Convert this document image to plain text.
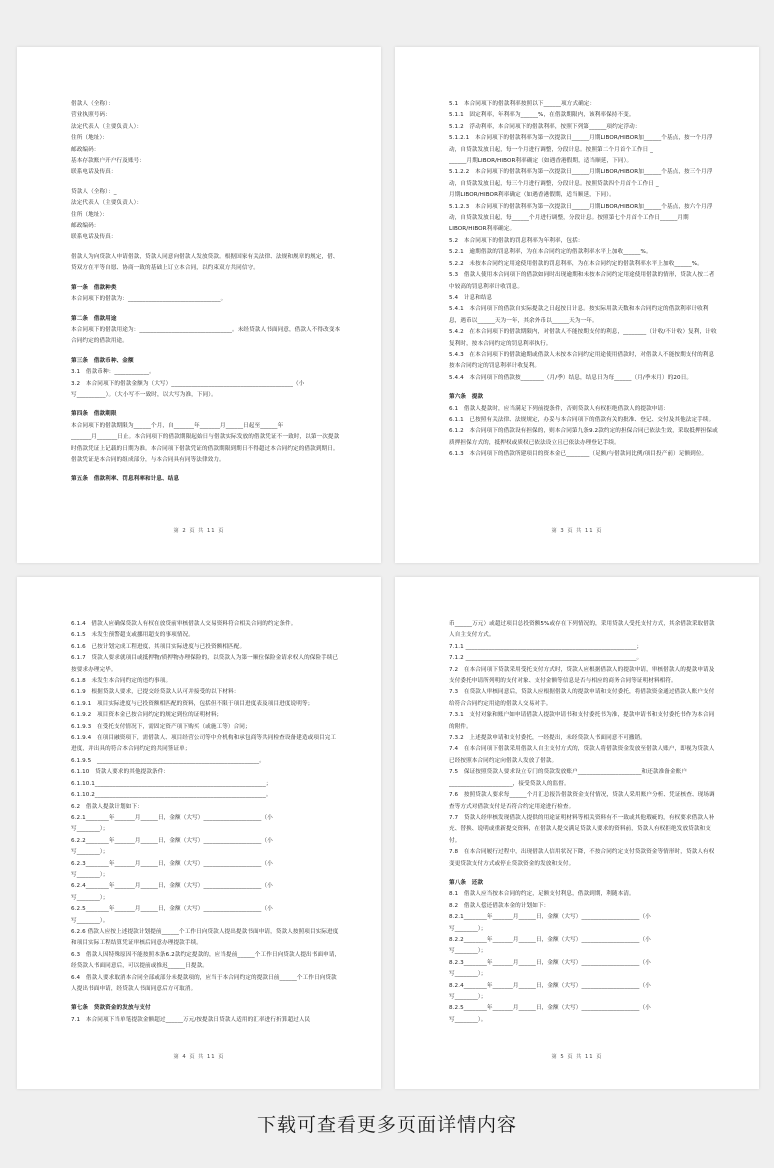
借款人（全称）：
营业执照号码：
法定代表人（主要负责人）：
住所（地址）：
邮政编码：
基本存款账户开户行及账号：
联系电话及传真：
贷款人（全称）：_
法定代表人（主要负责人）：
住所（地址）：
邮政编码：
联系电话及传真：
借款人为向贷款人申请借款，贷款人同意向借款人发放贷款。根据国家有关法律、法规和规章的规定，借、贷双方在平等自愿、协商一致的基础上订立本合同，以约束双方共同信守。
第一条　借款种类
本合同项下的借款为：________________________________。
第二条　借款用途
本合同项下的借款用途为：________________________________。未经贷款人书面同意，借款人不得改变本合同约定的借款用途。
第三条　借款币种、金额
3.1　借款币种：____________。
3.2　本合同项下的借款金额为（大写）__________________________________________（小
写__________）。（大小写不一致时，以大写为准，下同）。
第四条　借款期限
本合同项下的借款期限为______个月，自_______年_______月______日起至______年
_______月_______日止。本合同项下的借款期限起始日与借款实际发放的借款凭证不一致时，以第一次提款时借款凭证上记载的日期为准。本合同项下借款凭证的借款期限到期日不得超过本合同约定的借款到期日。借款凭证是本合同的组成部分，与本合同具有同等法律效力。
第五条　借款利率、罚息利率和计息、结息
第 2 页 共 11 页
5.1　本合同项下的借款利率按照以下______项方式确定：
5.1.1　固定利率，年利率为______%，在借款期限内，该利率保持不变。
5.1.2　浮动利率，本合同项下的借款利率，按照下列第______项约定浮动：
5.1.2.1　本合同项下的借款利率为第一次提款日______月期LIBOR/HIBOR加______个基点，按一个月浮动，自贷款发放日起，每一个月进行调整，分段计息。按照第二个月首个工作日 _
______月期LIBOR/HIBOR利率确定（如遇香港假期，适当顺延，下同）。
5.1.2.2　本合同项下的借款利率为第一次提款日______月期LIBOR/HIBOR加______个基点，按三个月浮动，自贷款发放日起，每三个月进行调整，分段计息。按照贷款四个月首个工作日 _
月期LIBOR/HIBOR利率确定（如遇香港假期，适当顺延，下同）。
5.1.2.3　本合同项下的借款利率为第一次提款日______月期LIBOR/HIBOR加______个基点，按六个月浮动，自贷款发放日起，每______个月进行调整，分段计息。按照第七个月首个工作日______月期LIBOR/HIBOR利率确定。
5.2　本合同项下的借款的罚息利率为年利率，包括：
5.2.1　逾期借款的罚息利率，为在本合同约定的借款利率水平上加收______%。
5.2.2　未按本合同约定用途使用借款的罚息利率，为在本合同约定的借款利率水平上加收______%。
5.3　借款人使用本合同项下的借款如同时出现逾期和未按本合同约定用途使用借款的情形，贷款人按二者中较高的罚息利率计收罚息。
5.4　计息和结息
5.4.1　本合同项下的借款自实际提款之日起按日计息。按实际用款天数和本合同约定的借款利率计收利息，遇币以______天为一年，其余外币以______天为一年。
5.4.2　在本合同项下的借款期限内，对借款人不能按期支付的利息，________（计收/不计收）复利，计收复利时，按本合同约定的罚息利率执行。
5.4.3　在本合同项下的借款逾期或借款人未按本合同约定用途使用借款时，对借款人不能按期支付的利息按本合同约定的罚息利率计收复利。
5.4.4　本合同项下的借款按________（月/季）结息，结息日为每______（月/季末月）的20日。
第六条　提款
6.1　借款人提款时，应当满足下列前提条件，否则贷款人有权拒绝借款人的提款申请：
6.1.1　已按照有关法律、法规规定，办妥与本合同项下的借款有关的批准、登记、交付及其他法定手续。
6.1.2　本合同项下的借款设有担保的，则本合同第九条9.2款约定的担保合同已依法生效，采取抵押担保或质押担保方式的，抵押权或质权已依法设立且已依法办理登记手续。
6.1.3　本合同项下的借款所建项目的资本金已________（足额/与借款同比例/项目投产前）足额到位。
第 3 页 共 11 页
6.1.4　借款人应确保贷款人有权在放贷前审核借款人交易资料符合相关合同的约定条件。
6.1.5　未发生预警超支或挪用超支的事项情况。
6.1.6　已按计划完成工程进度，其项目实际进度与已投资额相匹配。
6.1.7　贷款人要求就项目或抵押物/质押物办理保险的，以贷款人为第一顺位保险金请求权人的保险手续已按要求办理完毕。
6.1.8　未发生本合同约定的违约事项。
6.1.9　根据贷款人要求，已提交经贷款人认可并接受的以下材料：
6.1.9.1　项目实际进度与已投资额相匹配的资料，包括但不限于项目进度表及项目进度说明等；
6.1.9.2　项目资本金已按合同约定的规定到位的证明材料；
6.1.9.3　在受托支付情况下，需固定资产项下购买（或施工等）合同；
6.1.9.4　在项目融资项下，需借款人、项目经营公司等中介机构和承包商等共同检查设备建造或项目完工进度，并出具的符合本合同约定的共同签证单；
6.1.9.5　________________________________________________________。
6.1.10　贷款人要求的其他提款条件：
6.1.10.1___________________________________________________________；
6.1.10.2___________________________________________________________。
6.2　借款人提款计划如下：
6.2.1________年_______月______日，金额（大写）____________________（小
写________）；
6.2.2________年_______月______日，金额（大写）____________________（小
写________）；
6.2.3________年_______月______日，金额（大写）____________________（小
写________）；
6.2.4________年_______月______日，金额（大写）____________________（小
写________）；
6.2.5________年_______月______日，金额（大写）____________________（小
写________）。
6.2.6 借款人应按上述提款计划提前______个工作日向贷款人提出提款书面申请，贷款人按照项目实际进度和项目实际工程结算凭证审核后同意办理提款手续。
6.3　借款人因特殊原因不能按照本条6.2款约定提款的，应当提前______个工作日向贷款人提出书面申请，经贷款人书面同意后，可以提前或推迟______日提款。
6.4　借款人要求取消本合同全部或部分未提款项的，应当于本合同约定的提款日前______个工作日向贷款人提出书面申请，经贷款人书面同意后方可取消。
第七条　贷款资金的发放与支付
7.1　本合同项下当单笔提款金额超过______万元/按提款日贷款人适用的汇率进行折算超过人民
第 4 页 共 11 页
币______万元）或超过项目总投资额5%或存在下列情况的，采用贷款人受托支付方式，其余借款采取借款人自主支付方式。
7.1.1 ___________________________________________________________；
7.1.2 ___________________________________________________________。
7.2　在本合同项下贷款采用受托支付方式时，贷款人应根据借款人的提款申请，审核借款人的提款申请及支付委托申请所列明的支付对象、支付金额等信息是否与相应的商务合同等证明材料相符。
7.3　在贷款人审核同意后，贷款人应根据借款人的提款申请和支付委托，将借款资金通过借款人账户支付给符合合同约定用途的借款人交易对手。
7.3.1　支付对象和账户如申请借款人提款申请书和支付委托书为准，提款申请书和支付委托书作为本合同的附件。
7.3.2　上述提款申请和支付委托，一经提出，未经贷款人书面同意不可撤销。
7.4　在本合同项下借款采用借款人自主支付方式的，贷款人将借款资金发放至借款人账户，即视为贷款人已经按照本合同约定向借款人发放了借款。
7.5　保证按照贷款人要求设立专门的贷款发放账户______________________和还款准备金账户______________________，接受贷款人的监督。
7.6　按照贷款人要求每______个月汇总报告借款资金支付情况，贷款人采用账户分析、凭证核查、现场调查等方式对借款支付是否符合约定用途进行检查。
7.7　贷款人经审核发现借款人提供的用途证明材料等相关资料有不一致或其他瑕疵的，有权要求借款人补充、替换、说明或重新提交资料，在借款人提交满足贷款人要求的资料前，贷款人有权拒绝发放贷款和支付。
7.8　在本合同履行过程中，出现借款人信用状况下降，不按合同约定支付贷款资金等情形时，贷款人有权变更贷款支付方式或停止贷款资金的发放和支付。
第八条　还款
8.1　借款人应当按本合同的约定，足额支付利息，借款到期，利随本清。
8.2　借款人偿还借款本金的计划如下：
8.2.1________年_______月______日，金额（大写）____________________（小
写________）；
8.2.2________年_______月______日，金额（大写）____________________（小
写________）；
8.2.3________年_______月______日，金额（大写）____________________（小
写________）；
8.2.4________年_______月______日，金额（大写）____________________（小
写________）；
8.2.5________年_______月______日，金额（大写）____________________（小
写________）。
第 5 页 共 11 页
下载可查看更多页面详情内容
